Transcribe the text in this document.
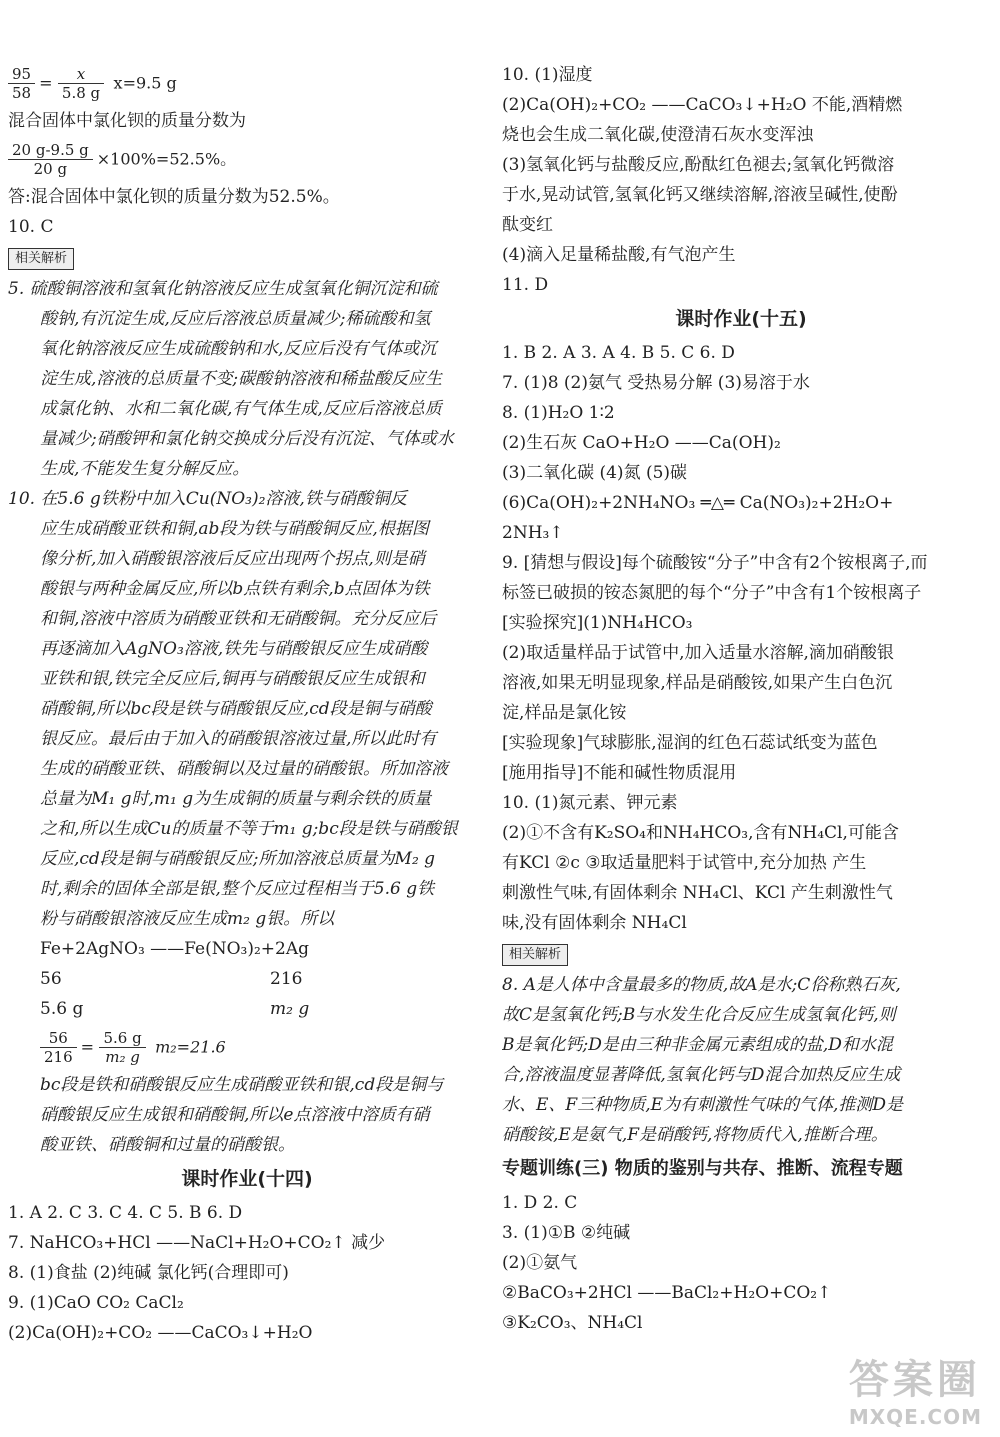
$\frac{95}{58} = \frac{x}{5.8 g} x=9.5$ g

混合固体中氯化钡的质量分数为

$\frac{20 g-9.5 g}{20 g} \times 100\%=52.5\%$。

答:混合固体中氯化钡的质量分数为52.5%。

10. C

相关解析

5. 硫酸铜溶液和氢氧化钠溶液反应生成氢氧化铜沉淀和硫

酸钠,有沉淀生成,反应后溶液总质量减少;稀硫酸和氢

氧化钠溶液反应生成硫酸钠和水,反应后没有气体或沉

淀生成,溶液的总质量不变;碳酸钠溶液和稀盐酸反应生

成氯化钠、水和二氧化碳,有气体生成,反应后溶液总质

量减少;硝酸钾和氯化钠交换成分后没有沉淀、气体或水

生成,不能发生复分解反应。

10. 在5.6 g铁粉中加入Cu(NO₃)₂溶液,铁与硝酸铜反

应生成硝酸亚铁和铜,ab段为铁与硝酸铜反应,根据图

像分析,加入硝酸银溶液后反应出现两个拐点,则是硝

酸银与两种金属反应,所以b点铁有剩余,b点固体为铁

和铜,溶液中溶质为硝酸亚铁和无硝酸铜。充分反应后

再逐滴加入AgNO₃溶液,铁先与硝酸银反应生成硝酸

亚铁和银,铁完全反应后,铜再与硝酸银反应生成银和

硝酸铜,所以bc段是铁与硝酸银反应,cd段是铜与硝酸

银反应。最后由于加入的硝酸银溶液过量,所以此时有

生成的硝酸亚铁、硝酸铜以及过量的硝酸银。所加溶液

总量为M₁ g时,m₁ g为生成铜的质量与剩余铁的质量

之和,所以生成Cu的质量不等于m₁ g;bc段是铁与硝酸银

反应,cd段是铜与硝酸银反应;所加溶液总质量为M₂ g

时,剩余的固体全部是银,整个反应过程相当于5.6 g铁

粉与硝酸银溶液反应生成m₂ g银。所以

Fe+2AgNO₃ ——Fe(NO₃)₂+2Ag

56	216
5.6 g	m₂ g
$\frac{56}{216} = \frac{5.6 g}{\text{m₂ g}} m_2=21.6$

bc段是铁和硝酸银反应生成硝酸亚铁和银,cd段是铜与

硝酸银反应生成银和硝酸铜,所以e点溶液中溶质有硝

酸亚铁、硝酸铜和过量的硝酸银。

课时作业(十四)

1. A 2. C 3. C 4. C 5. B 6. D

7. NaHCO₃+HCl ——NaCl+H₂O+CO₂↑ 减少

8. (1)食盐 (2)纯碱 氯化钙(合理即可)

9. (1)CaO CO₂ CaCl₂

(2)Ca(OH)₂+CO₂ ——CaCO₃↓+H₂O

10. (1)湿度

(2)Ca(OH)₂+CO₂ ——CaCO₃↓+H₂O 不能,酒精燃

烧也会生成二氧化碳,使澄清石灰水变浑浊

(3)氢氧化钙与盐酸反应,酚酞红色褪去;氢氧化钙微溶

于水,晃动试管,氢氧化钙又继续溶解,溶液呈碱性,使酚

酞变红

(4)滴入足量稀盐酸,有气泡产生

11. D

课时作业(十五)

1. B 2. A 3. A 4. B 5. C 6. D

7. (1)8 (2)氨气 受热易分解 (3)易溶于水

8. (1)H₂O 1∶2

(2)生石灰 CaO+H₂O ——Ca(OH)₂

(3)二氧化碳 (4)氮 (5)碳

(6)Ca(OH)₂+2NH₄NO₃ ═△═ Ca(NO₃)₂+2H₂O+

2NH₃↑

9. [猜想与假设]每个硫酸铵“分子”中含有2个铵根离子,而

标签已破损的铵态氮肥的每个“分子”中含有1个铵根离子

[实验探究](1)NH₄HCO₃

(2)取适量样品于试管中,加入适量水溶解,滴加硝酸银

溶液,如果无明显现象,样品是硝酸铵,如果产生白色沉

淀,样品是氯化铵

[实验现象]气球膨胀,湿润的红色石蕊试纸变为蓝色

[施用指导]不能和碱性物质混用

10. (1)氮元素、钾元素

(2)①不含有K₂SO₄和NH₄HCO₃,含有NH₄Cl,可能含

有KCl ②c ③取适量肥料于试管中,充分加热 产生

刺激性气味,有固体剩余 NH₄Cl、KCl 产生刺激性气

味,没有固体剩余 NH₄Cl

相关解析

8. A是人体中含量最多的物质,故A是水;C俗称熟石灰,

故C是氢氧化钙;B与水发生化合反应生成氢氧化钙,则

B是氧化钙;D是由三种非金属元素组成的盐,D和水混

合,溶液温度显著降低,氢氧化钙与D混合加热反应生成

水、E、F三种物质,E为有刺激性气味的气体,推测D是

硝酸铵,E是氨气,F是硝酸钙,将物质代入,推断合理。

专题训练(三) 物质的鉴别与共存、推断、流程专题

1. D 2. C

3. (1)①B ②纯碱

(2)①氨气

②BaCO₃+2HCl ——BaCl₂+H₂O+CO₂↑

③K₂CO₃、NH₄Cl

答案圈
MXQE.COM
